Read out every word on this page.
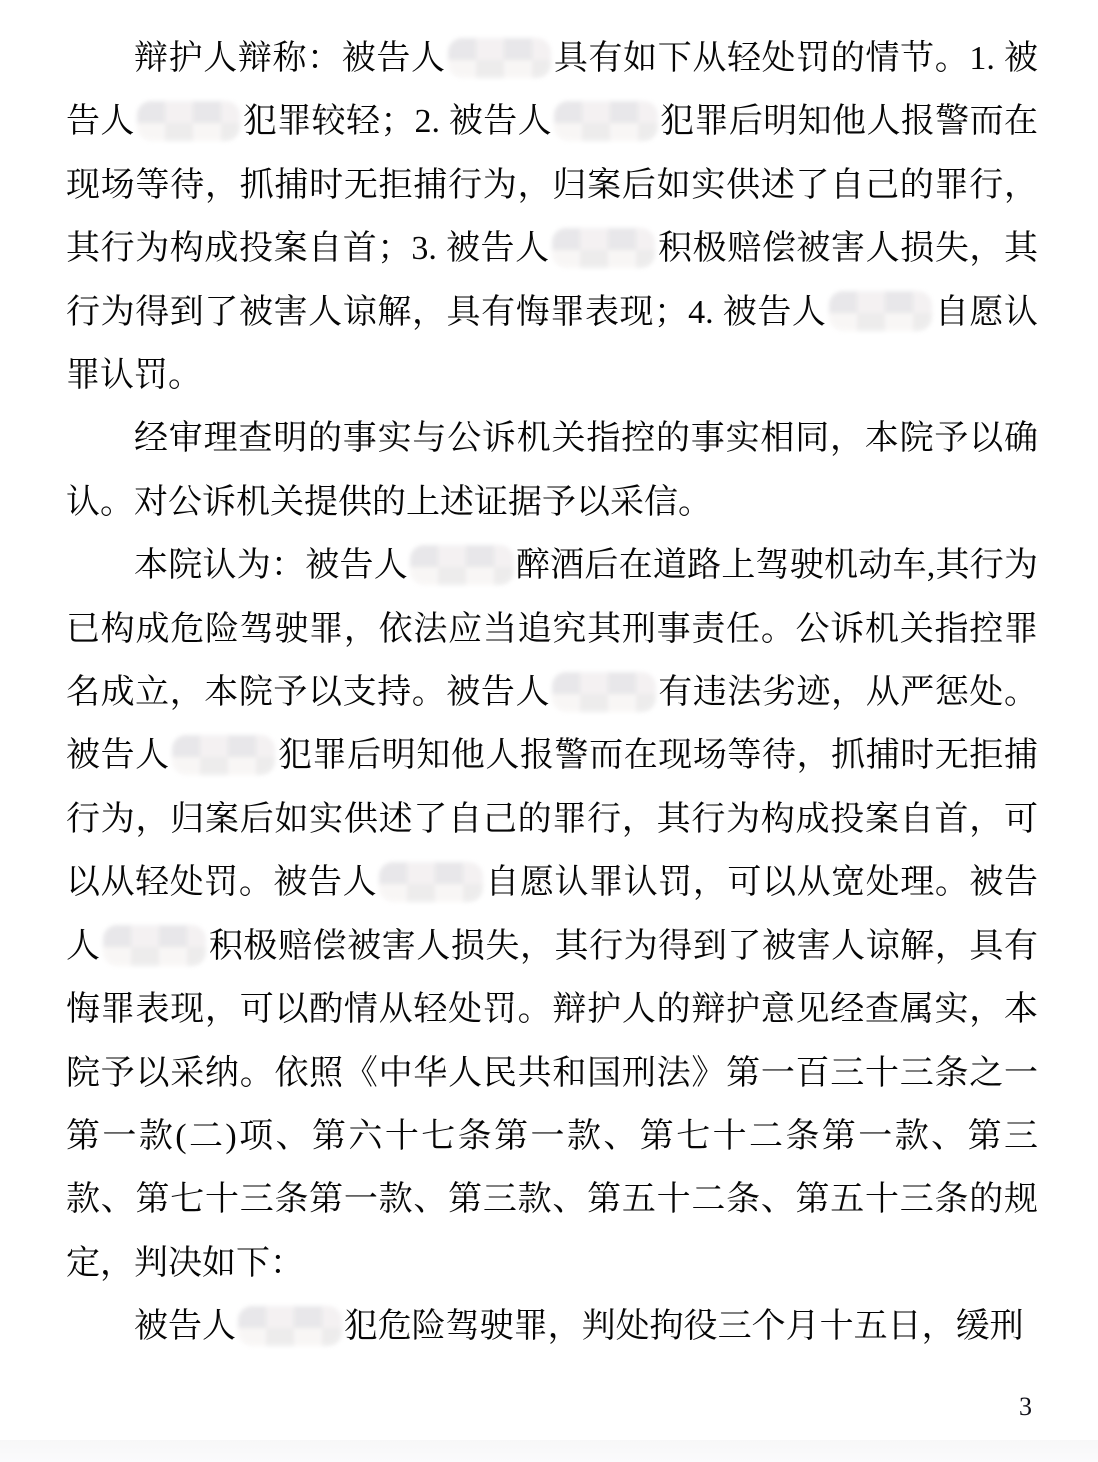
辩护人辩称：被告人	具有如下从轻处罚的情节。1. 被告人	犯罪较轻；2. 被告人	犯罪后明知他人报警而在现场等待，抓捕时无拒捕行为，归案后如实供述了自己的罪行，其行为构成投案自首；3. 被告人	积极赔偿被害人损失，其行为得到了被害人谅解，具有悔罪表现；4. 被告人	自愿认罪认罚。

经审理查明的事实与公诉机关指控的事实相同，本院予以确认。对公诉机关提供的上述证据予以采信。

本院认为：被告人	醉酒后在道路上驾驶机动车,其行为已构成危险驾驶罪，依法应当追究其刑事责任。公诉机关指控罪名成立，本院予以支持。被告人	有违法劣迹，从严惩处。被告人	犯罪后明知他人报警而在现场等待，抓捕时无拒捕行为，归案后如实供述了自己的罪行，其行为构成投案自首，可以从轻处罚。被告人	自愿认罪认罚，可以从宽处理。被告人	积极赔偿被害人损失，其行为得到了被害人谅解，具有悔罪表现，可以酌情从轻处罚。辩护人的辩护意见经查属实，本院予以采纳。依照《中华人民共和国刑法》第一百三十三条之一第一款(二)项、第六十七条第一款、第七十二条第一款、第三款、第七十三条第一款、第三款、第五十二条、第五十三条的规定，判决如下：

被告人	犯危险驾驶罪，判处拘役三个月十五日，缓刑

3
